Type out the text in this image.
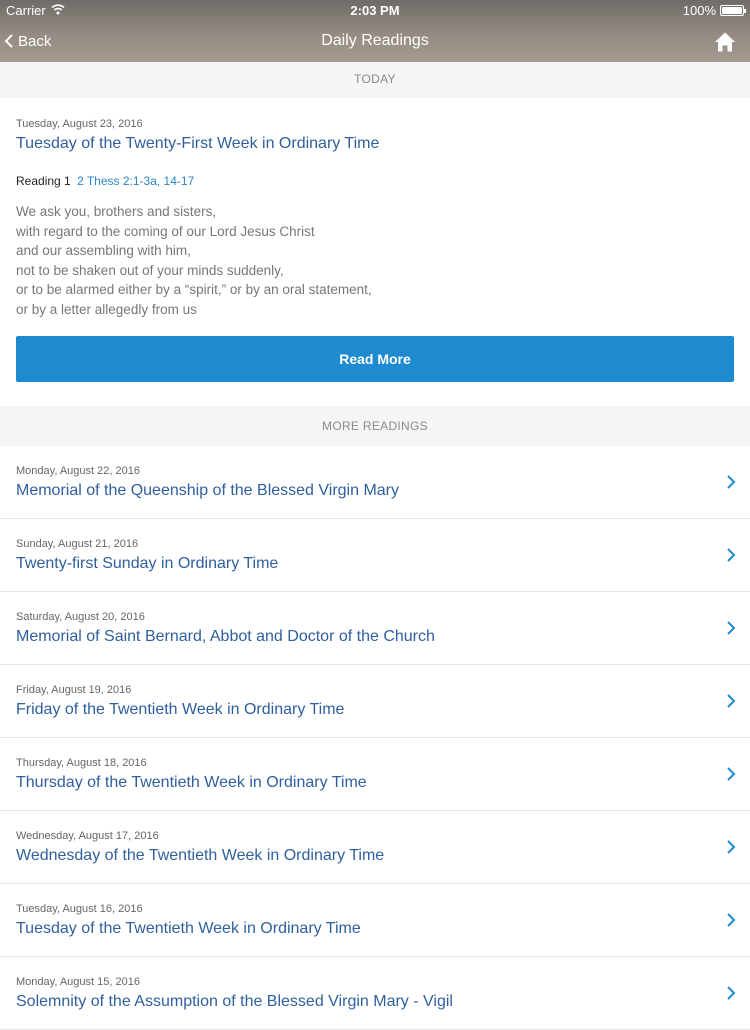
Carrier	2:03 PM	100%
Back	Daily Readings
TODAY
Tuesday, August 23, 2016
Tuesday of the Twenty-First Week in Ordinary Time
Reading 1 2 Thess 2:1-3a, 14-17
We ask you, brothers and sisters,
with regard to the coming of our Lord Jesus Christ
and our assembling with him,
not to be shaken out of your minds suddenly,
or to be alarmed either by a “spirit,” or by an oral statement,
or by a letter allegedly from us
Read More
MORE READINGS
Monday, August 22, 2016
Memorial of the Queenship of the Blessed Virgin Mary
Sunday, August 21, 2016
Twenty-first Sunday in Ordinary Time
Saturday, August 20, 2016
Memorial of Saint Bernard, Abbot and Doctor of the Church
Friday, August 19, 2016
Friday of the Twentieth Week in Ordinary Time
Thursday, August 18, 2016
Thursday of the Twentieth Week in Ordinary Time
Wednesday, August 17, 2016
Wednesday of the Twentieth Week in Ordinary Time
Tuesday, August 16, 2016
Tuesday of the Twentieth Week in Ordinary Time
Monday, August 15, 2016
Solemnity of the Assumption of the Blessed Virgin Mary - Vigil
